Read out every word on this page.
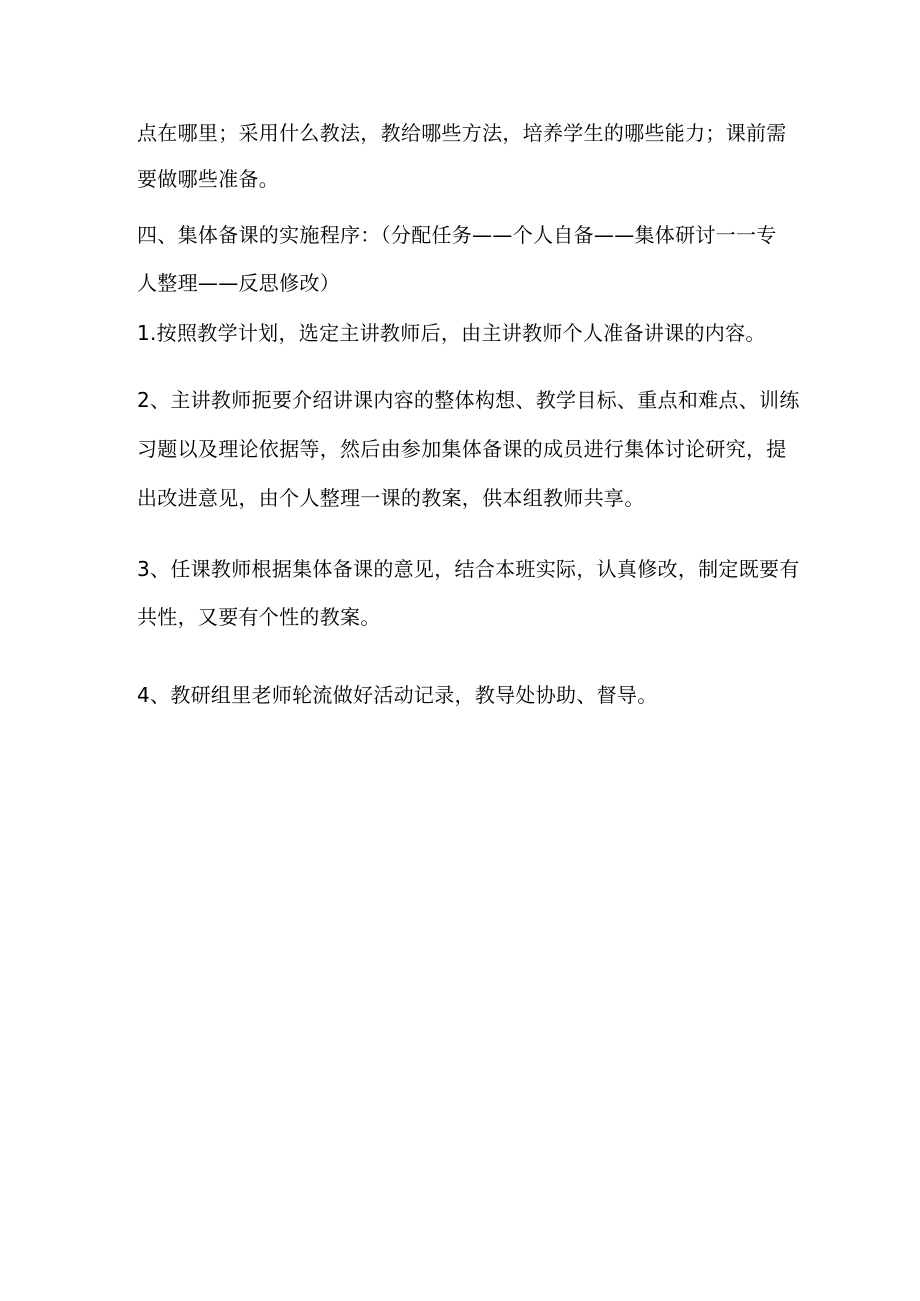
点在哪里；采用什么教法，教给哪些方法，培养学生的哪些能力；课前需
要做哪些准备。
四、集体备课的实施程序：（分配任务——个人自备——集体研讨一一专
人整理——反思修改）
1.按照教学计划，选定主讲教师后，由主讲教师个人准备讲课的内容。
2、主讲教师扼要介绍讲课内容的整体构想、教学目标、重点和难点、训练
习题以及理论依据等，然后由参加集体备课的成员进行集体讨论研究，提
出改进意见，由个人整理一课的教案，供本组教师共享。
3、任课教师根据集体备课的意见，结合本班实际，认真修改，制定既要有
共性，又要有个性的教案。
4、教研组里老师轮流做好活动记录，教导处协助、督导。
